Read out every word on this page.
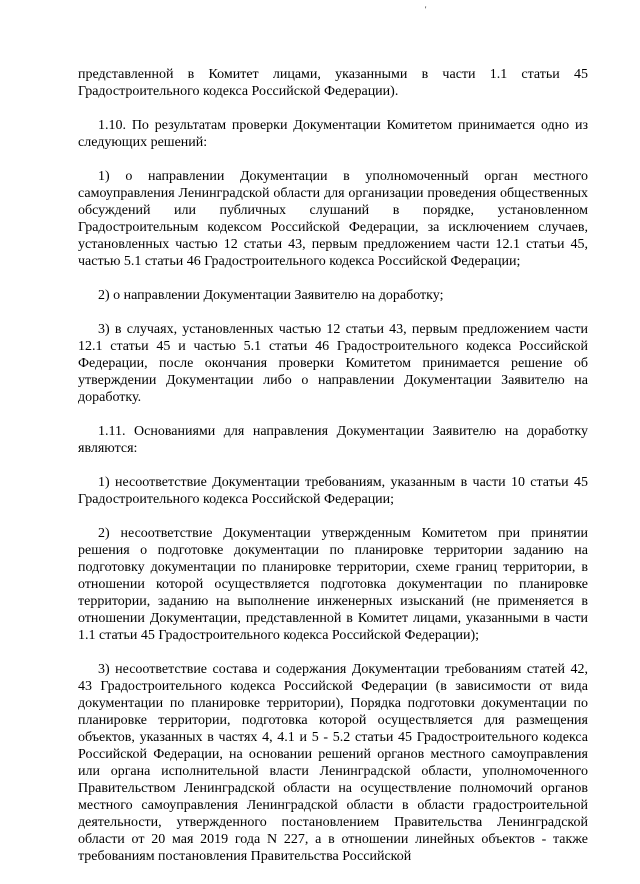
'

представленной в Комитет лицами, указанными в части 1.1 статьи 45 Градостроительного кодекса Российской Федерации).

1.10. По результатам проверки Документации Комитетом принимается одно из следующих решений:

1) о направлении Документации в уполномоченный орган местного самоуправления Ленинградской области для организации проведения общественных обсуждений или публичных слушаний в порядке, установленном Градостроительным кодексом Российской Федерации, за исключением случаев, установленных частью 12 статьи 43, первым предложением части 12.1 статьи 45, частью 5.1 статьи 46 Градостроительного кодекса Российской Федерации;

2) о направлении Документации Заявителю на доработку;

3) в случаях, установленных частью 12 статьи 43, первым предложением части 12.1 статьи 45 и частью 5.1 статьи 46 Градостроительного кодекса Российской Федерации, после окончания проверки Комитетом принимается решение об утверждении Документации либо о направлении Документации Заявителю на доработку.

1.11. Основаниями для направления Документации Заявителю на доработку являются:

1) несоответствие Документации требованиям, указанным в части 10 статьи 45 Градостроительного кодекса Российской Федерации;

2) несоответствие Документации утвержденным Комитетом при принятии решения о подготовке документации по планировке территории заданию на подготовку документации по планировке территории, схеме границ территории, в отношении которой осуществляется подготовка документации по планировке территории, заданию на выполнение инженерных изысканий (не применяется в отношении Документации, представленной в Комитет лицами, указанными в части 1.1 статьи 45 Градостроительного кодекса Российской Федерации);

3) несоответствие состава и содержания Документации требованиям статей 42, 43 Градостроительного кодекса Российской Федерации (в зависимости от вида документации по планировке территории), Порядка подготовки документации по планировке территории, подготовка которой осуществляется для размещения объектов, указанных в частях 4, 4.1 и 5 - 5.2 статьи 45 Градостроительного кодекса Российской Федерации, на основании решений органов местного самоуправления или органа исполнительной власти Ленинградской области, уполномоченного Правительством Ленинградской области на осуществление полномочий органов местного самоуправления Ленинградской области в области градостроительной деятельности, утвержденного постановлением Правительства Ленинградской области от 20 мая 2019 года N 227, а в отношении линейных объектов - также требованиям постановления Правительства Российской
